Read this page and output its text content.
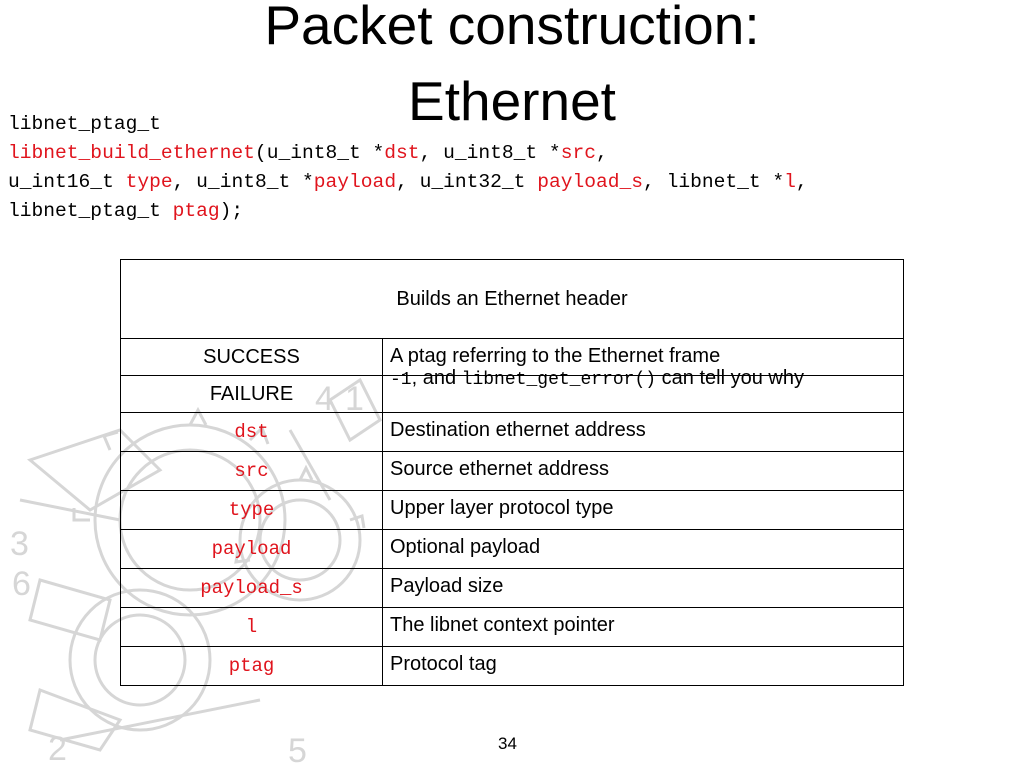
4 1
3
6
2	5
Packet construction:
Ethernet
libnet_ptag_t
libnet_build_ethernet(u_int8_t *dst, u_int8_t *src,
u_int16_t type, u_int8_t *payload, u_int32_t payload_s, libnet_t *l,
libnet_ptag_t ptag);
Builds an Ethernet header	
SUCCESS	A ptag referring to the Ethernet frame

FAILURE	-1, and libnet_get_error() can tell you why

dst	Destination ethernet address

src	Source ethernet address

type	Upper layer protocol type

payload	Optional payload

payload_s	Payload size

l	The libnet context pointer

ptag	Protocol tag
34
